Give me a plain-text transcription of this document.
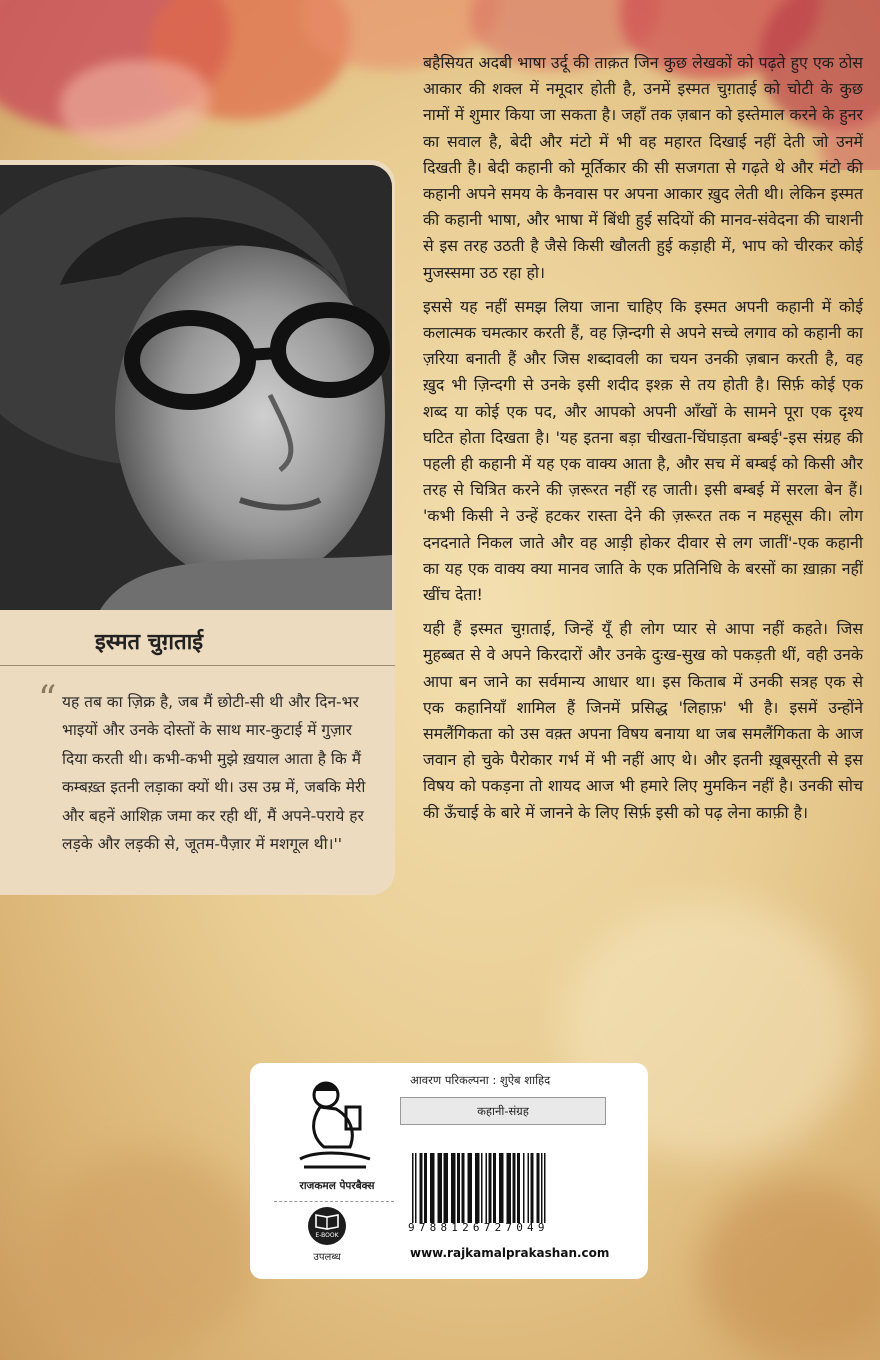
इस्मत चुग़ताई
“ यह तब का ज़िक्र है, जब मैं छोटी-सी थी और दिन-भर भाइयों और उनके दोस्तों के साथ मार-कुटाई में गुज़ार दिया करती थी। कभी-कभी मुझे ख़याल आता है कि मैं कम्बख़्त इतनी लड़ाका क्यों थी। उस उम्र में, जबकि मेरी और बहनें आशिक़ जमा कर रही थीं, मैं अपने-पराये हर लड़के और लड़की से, जूतम-पैज़ार में मशगूल थी।''

बहैसियत अदबी भाषा उर्दू की ताक़त जिन कुछ लेखकों को पढ़ते हुए एक ठोस आकार की शक्ल में नमूदार होती है, उनमें इस्मत चुग़ताई को चोटी के कुछ नामों में शुमार किया जा सकता है। जहाँ तक ज़बान को इस्तेमाल करने के हुनर का सवाल है, बेदी और मंटो में भी वह महारत दिखाई नहीं देती जो उनमें दिखती है। बेदी कहानी को मूर्तिकार की सी सजगता से गढ़ते थे और मंटो की कहानी अपने समय के कैनवास पर अपना आकार ख़ुद लेती थी। लेकिन इस्मत की कहानी भाषा, और भाषा में बिंधी हुई सदियों की मानव-संवेदना की चाशनी से इस तरह उठती है जैसे किसी खौलती हुई कड़ाही में, भाप को चीरकर कोई मुजस्समा उठ रहा हो।

इससे यह नहीं समझ लिया जाना चाहिए कि इस्मत अपनी कहानी में कोई कलात्मक चमत्कार करती हैं, वह ज़िन्दगी से अपने सच्चे लगाव को कहानी का ज़रिया बनाती हैं और जिस शब्दावली का चयन उनकी ज़बान करती है, वह ख़ुद भी ज़िन्दगी से उनके इसी शदीद इश्क़ से तय होती है। सिर्फ़ कोई एक शब्द या कोई एक पद, और आपको अपनी आँखों के सामने पूरा एक दृश्य घटित होता दिखता है। 'यह इतना बड़ा चीखता-चिंघाड़ता बम्बई'-इस संग्रह की पहली ही कहानी में यह एक वाक्य आता है, और सच में बम्बई को किसी और तरह से चित्रित करने की ज़रूरत नहीं रह जाती। इसी बम्बई में सरला बेन हैं। 'कभी किसी ने उन्हें हटकर रास्ता देने की ज़रूरत तक न महसूस की। लोग दनदनाते निकल जाते और वह आड़ी होकर दीवार से लग जातीं'-एक कहानी का यह एक वाक्य क्या मानव जाति के एक प्रतिनिधि के बरसों का ख़ाक़ा नहीं खींच देता!

यही हैं इस्मत चुग़ताई, जिन्हें यूँ ही लोग प्यार से आपा नहीं कहते। जिस मुहब्बत से वे अपने किरदारों और उनके दुःख-सुख को पकड़ती थीं, वही उनके आपा बन जाने का सर्वमान्य आधार था। इस किताब में उनकी सत्रह एक से एक कहानियाँ शामिल हैं जिनमें प्रसिद्ध 'लिहाफ़' भी है। इसमें उन्होंने समलैंगिकता को उस वक़्त अपना विषय बनाया था जब समलैंगिकता के आज जवान हो चुके पैरोकार गर्भ में भी नहीं आए थे। और इतनी ख़ूबसूरती से इस विषय को पकड़ना तो शायद आज भी हमारे लिए मुमकिन नहीं है। उनकी सोच की ऊँचाई के बारे में जानने के लिए सिर्फ़ इसी को पढ़ लेना काफ़ी है।

राजकमल पेपरबैक्स
E-BOOK
उपलब्ध
आवरण परिकल्पना : शुऐब शाहिद
कहानी-संग्रह
9788126727049
www.rajkamalprakashan.com
